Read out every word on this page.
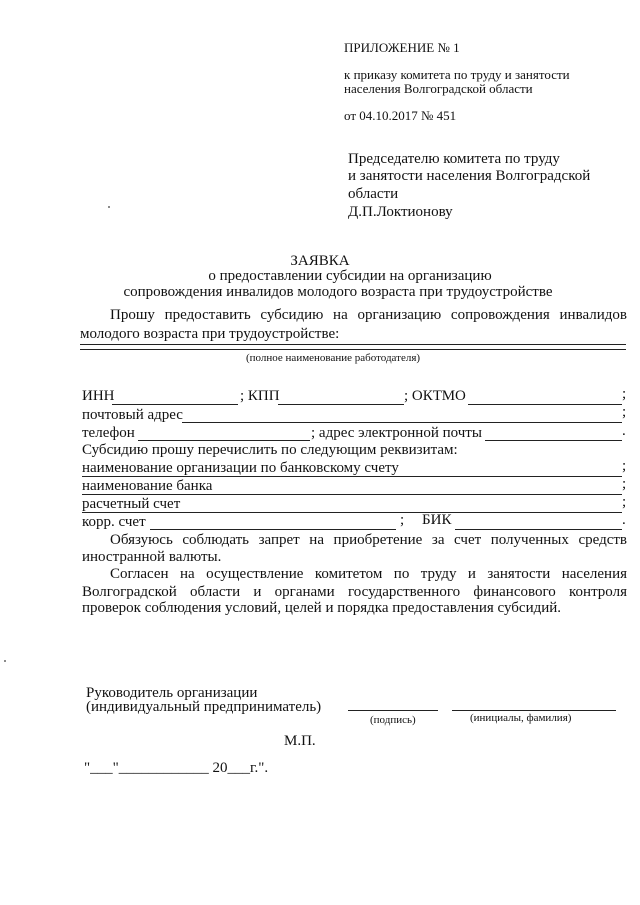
ПРИЛОЖЕНИЕ № 1
к приказу комитета по труду и занятости
населения Волгоградской области
от 04.10.2017 № 451
Председателю комитета по труду
и занятости населения Волгоградской
области
Д.П.Локтионову
ЗАЯВКА
о предоставлении субсидии на организацию
сопровождения инвалидов молодого возраста при трудоустройстве
Прошу предоставить субсидию на организацию сопровождения инвалидов
молодого возраста при трудоустройстве:
(полное наименование работодателя)
ИНН	; КПП	; ОКТМО	;
почтовый адрес	;
телефон	; адрес электронной почты	.
Субсидию прошу перечислить по следующим реквизитам:
наименование организации по банковскому счету	;
наименование банка	;
расчетный счет	;
корр. счет	; БИК	.
Обязуюсь соблюдать запрет на приобретение за счет полученных средств
иностранной валюты.
Согласен на осуществление комитетом по труду и занятости населения
Волгоградской области и органами государственного финансового контроля
проверок соблюдения условий, целей и порядка предоставления субсидий.
Руководитель организации
(индивидуальный предприниматель)
(подпись)	(инициалы, фамилия)
М.П.
"___"____________ 20___г.".
